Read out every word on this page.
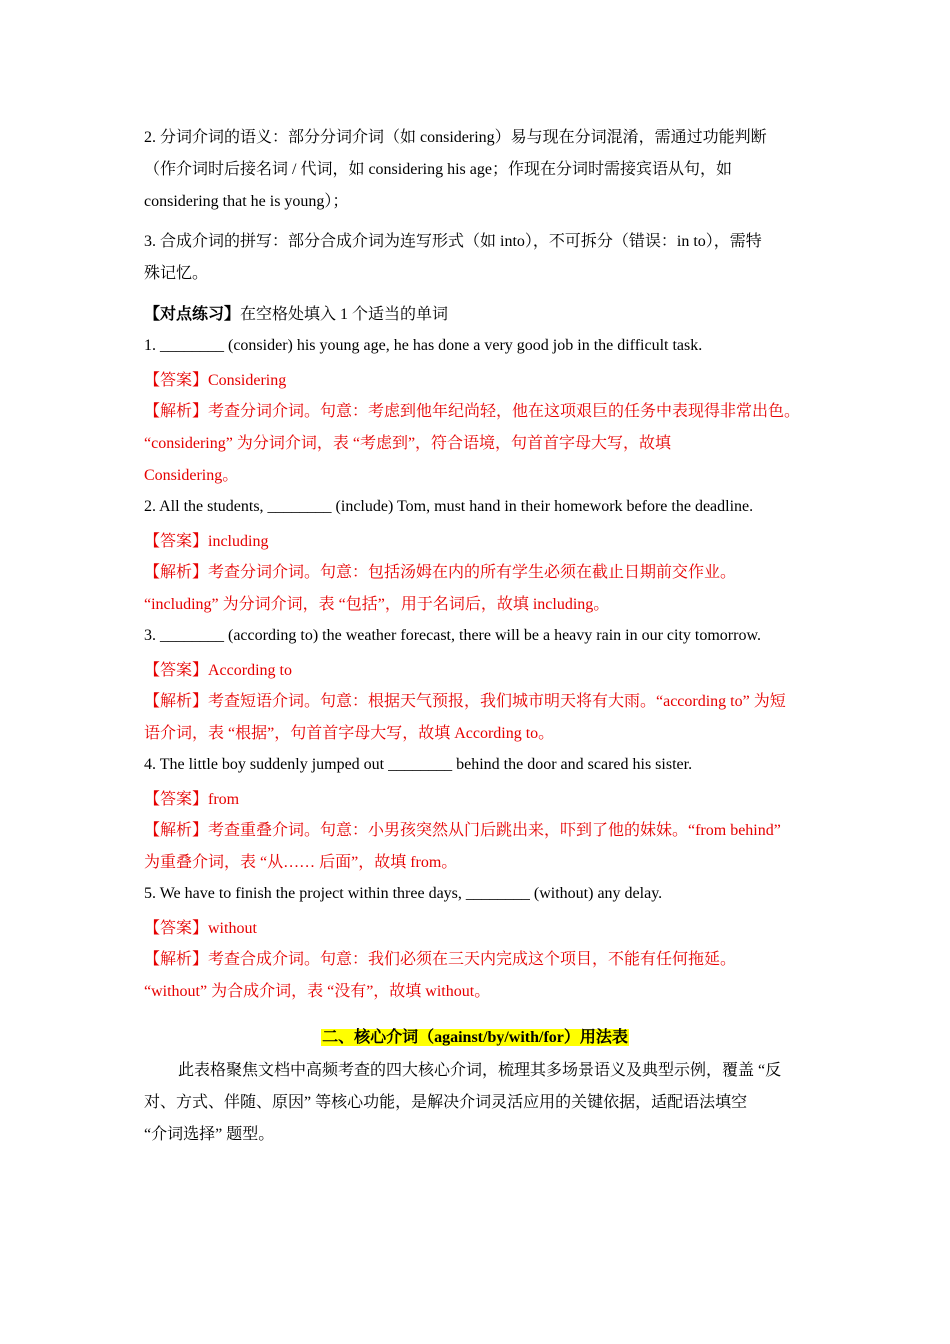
2. 分词介词的语义：部分分词介词（如 considering）易与现在分词混淆，需通过功能判断
（作介词时后接名词 / 代词，如 considering his age；作现在分词时需接宾语从句，如
considering that he is young）；
3. 合成介词的拼写：部分合成介词为连写形式（如 into），不可拆分（错误：in to），需特
殊记忆。
【对点练习】在空格处填入 1 个适当的单词
1. ________ (consider) his young age, he has done a very good job in the difficult task.
【答案】Considering
【解析】考查分词介词。句意：考虑到他年纪尚轻，他在这项艰巨的任务中表现得非常出色。
“considering” 为分词介词，表 “考虑到”，符合语境，句首首字母大写，故填
Considering。
2. All the students, ________ (include) Tom, must hand in their homework before the deadline.
【答案】including
【解析】考查分词介词。句意：包括汤姆在内的所有学生必须在截止日期前交作业。
“including” 为分词介词，表 “包括”，用于名词后，故填 including。
3. ________ (according to) the weather forecast, there will be a heavy rain in our city tomorrow.
【答案】According to
【解析】考查短语介词。句意：根据天气预报，我们城市明天将有大雨。“according to” 为短
语介词，表 “根据”，句首首字母大写，故填 According to。
4. The little boy suddenly jumped out ________ behind the door and scared his sister.
【答案】from
【解析】考查重叠介词。句意：小男孩突然从门后跳出来，吓到了他的妹妹。“from behind”
为重叠介词，表 “从…… 后面”，故填 from。
5. We have to finish the project within three days, ________ (without) any delay.
【答案】without
【解析】考查合成介词。句意：我们必须在三天内完成这个项目，不能有任何拖延。
“without” 为合成介词，表 “没有”，故填 without。
二、核心介词（against/by/with/for）用法表
此表格聚焦文档中高频考查的四大核心介词，梳理其多场景语义及典型示例，覆盖 “反
对、方式、伴随、原因” 等核心功能，是解决介词灵活应用的关键依据，适配语法填空
“介词选择” 题型。
